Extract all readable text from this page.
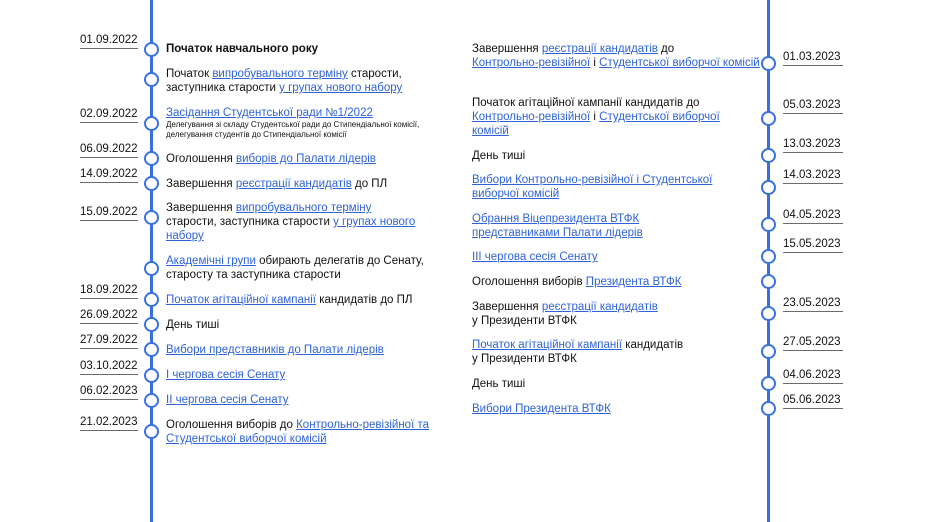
01.09.2022
02.09.2022
06.09.2022
14.09.2022
15.09.2022
18.09.2022
26.09.2022
27.09.2022
03.10.2022
06.02.2023
21.02.2023
Початок навчального року
Початок випробувального терміну старости,
заступника старости у групах нового набору
Засідання Студентської ради №1/2022
Делегування зі складу Студентської ради до Стипендіальної комісії, делегування студентів до Стипендіальної комісії
Оголошення виборів до Палати лідерів
Завершення реєстрації кандидатів до ПЛ
Завершення випробувального терміну
старости, заступника старости у групах нового набору
Академічні групи обирають делегатів до Сенату, старосту та заступника старости
Початок агітаційної кампанії кандидатів до ПЛ
День тиші
Вибори представників до Палати лідерів
І чергова сесія Сенату
ІІ чергова сесія Сенату
Оголошення виборів до Контрольно-ревізійної та Студентської виборчої комісій
01.03.2023
05.03.2023
13.03.2023
14.03.2023
04.05.2023
15.05.2023
23.05.2023
27.05.2023
04.06.2023
05.06.2023
Завершення реєстрації кандидатів до
Контрольно-ревізійної і Студентської виборчої комісій
Початок агітаційної кампанії кандидатів до
Контрольно-ревізійної і Студентської виборчої комісій
День тиші
Вибори Контрольно-ревізійної і Студентської виборчої комісій
Обрання Віцепрезидента ВТФК представниками Палати лідерів
ІІІ чергова сесія Сенату
Оголошення виборів Президента ВТФК
Завершення реєстрації кандидатів
у Президенти ВТФК
Початок агітаційної кампанії кандидатів
у Президенти ВТФК
День тиші
Вибори Президента ВТФК
